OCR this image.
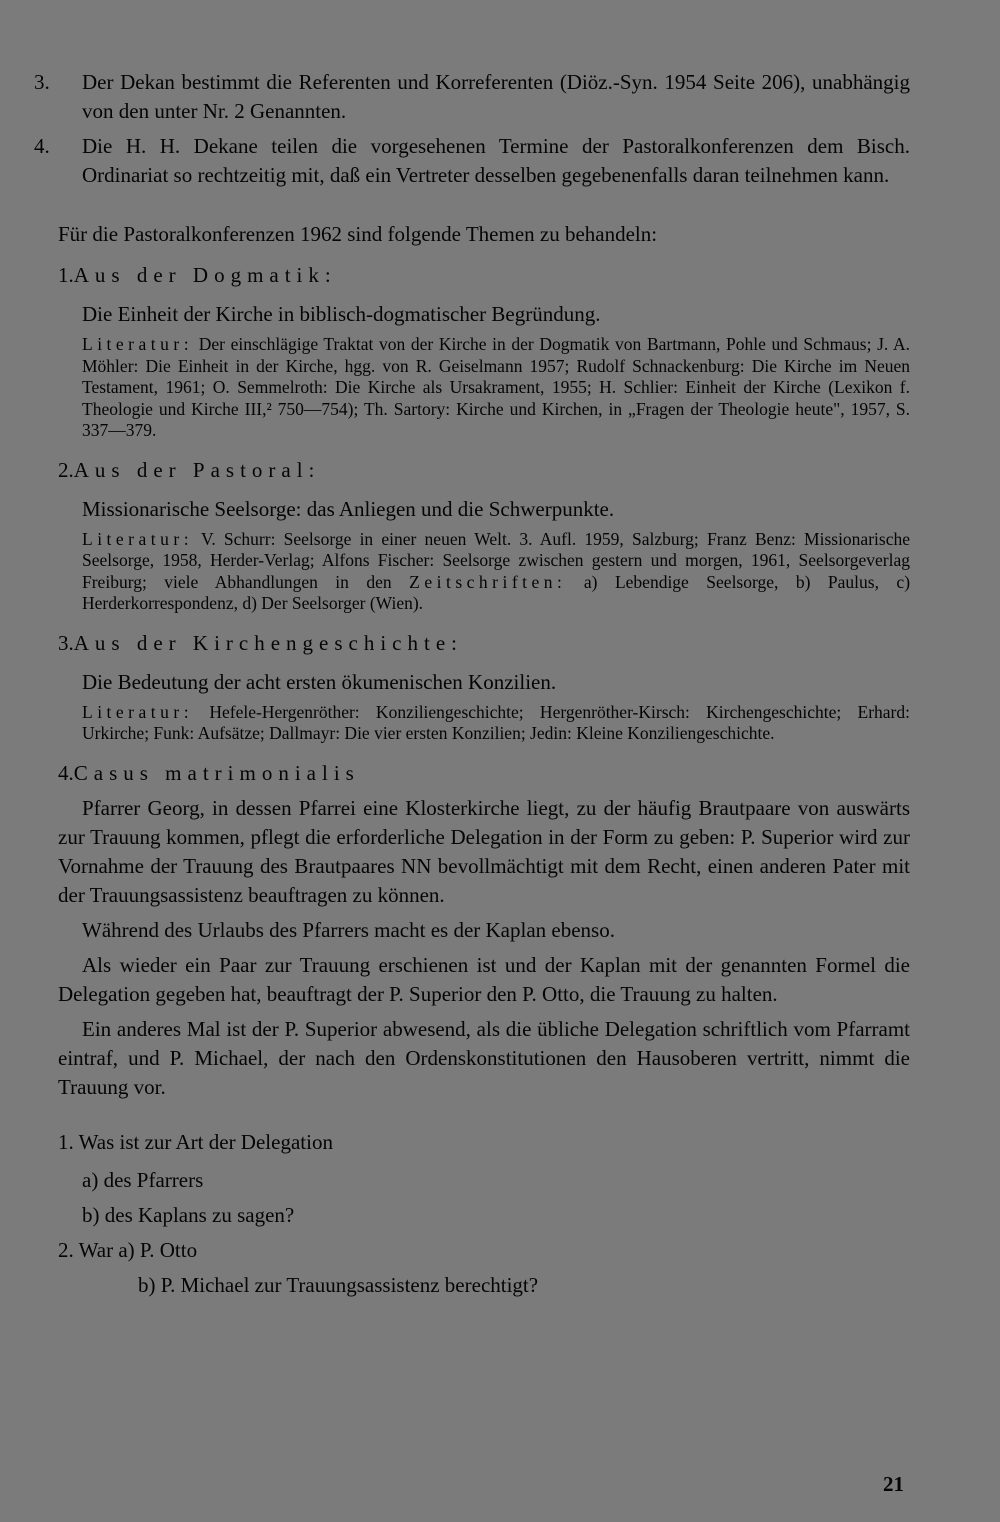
3. Der Dekan bestimmt die Referenten und Korreferenten (Diöz.-Syn. 1954 Seite 206), unabhängig von den unter Nr. 2 Genannten.
4. Die H. H. Dekane teilen die vorgesehenen Termine der Pastoralkonferenzen dem Bisch. Ordinariat so rechtzeitig mit, daß ein Vertreter desselben gegebenenfalls daran teilnehmen kann.
Für die Pastoralkonferenzen 1962 sind folgende Themen zu behandeln:
1.Aus der Dogmatik:
Die Einheit der Kirche in biblisch-dogmatischer Begründung.
Literatur: Der einschlägige Traktat von der Kirche in der Dogmatik von Bartmann, Pohle und Schmaus; J. A. Möhler: Die Einheit in der Kirche, hgg. von R. Geiselmann 1957; Rudolf Schnackenburg: Die Kirche im Neuen Testament, 1961; O. Semmelroth: Die Kirche als Ursakrament, 1955; H. Schlier: Einheit der Kirche (Lexikon f. Theologie und Kirche III,² 750—754); Th. Sartory: Kirche und Kirchen, in „Fragen der Theologie heute", 1957, S. 337—379.
2.Aus der Pastoral:
Missionarische Seelsorge: das Anliegen und die Schwerpunkte.
Literatur: V. Schurr: Seelsorge in einer neuen Welt. 3. Aufl. 1959, Salzburg; Franz Benz: Missionarische Seelsorge, 1958, Herder-Verlag; Alfons Fischer: Seelsorge zwischen gestern und morgen, 1961, Seelsorgeverlag Freiburg; viele Abhandlungen in den Zeitschriften: a) Lebendige Seelsorge, b) Paulus, c) Herderkorrespondenz, d) Der Seelsorger (Wien).
3.Aus der Kirchengeschichte:
Die Bedeutung der acht ersten ökumenischen Konzilien.
Literatur: Hefele-Hergenröther: Konziliengeschichte; Hergenröther-Kirsch: Kirchengeschichte; Erhard: Urkirche; Funk: Aufsätze; Dallmayr: Die vier ersten Konzilien; Jedin: Kleine Konziliengeschichte.
4.Casus matrimonialis
Pfarrer Georg, in dessen Pfarrei eine Klosterkirche liegt, zu der häufig Brautpaare von auswärts zur Trauung kommen, pflegt die erforderliche Delegation in der Form zu geben: P. Superior wird zur Vornahme der Trauung des Brautpaares NN bevollmächtigt mit dem Recht, einen anderen Pater mit der Trauungsassistenz beauftragen zu können.
Während des Urlaubs des Pfarrers macht es der Kaplan ebenso.
Als wieder ein Paar zur Trauung erschienen ist und der Kaplan mit der genannten Formel die Delegation gegeben hat, beauftragt der P. Superior den P. Otto, die Trauung zu halten.
Ein anderes Mal ist der P. Superior abwesend, als die übliche Delegation schriftlich vom Pfarramt eintraf, und P. Michael, der nach den Ordenskonstitutionen den Hausoberen vertritt, nimmt die Trauung vor.
1. Was ist zur Art der Delegation
a) des Pfarrers
b) des Kaplans zu sagen?
2. War a) P. Otto
b) P. Michael zur Trauungsassistenz berechtigt?
21
